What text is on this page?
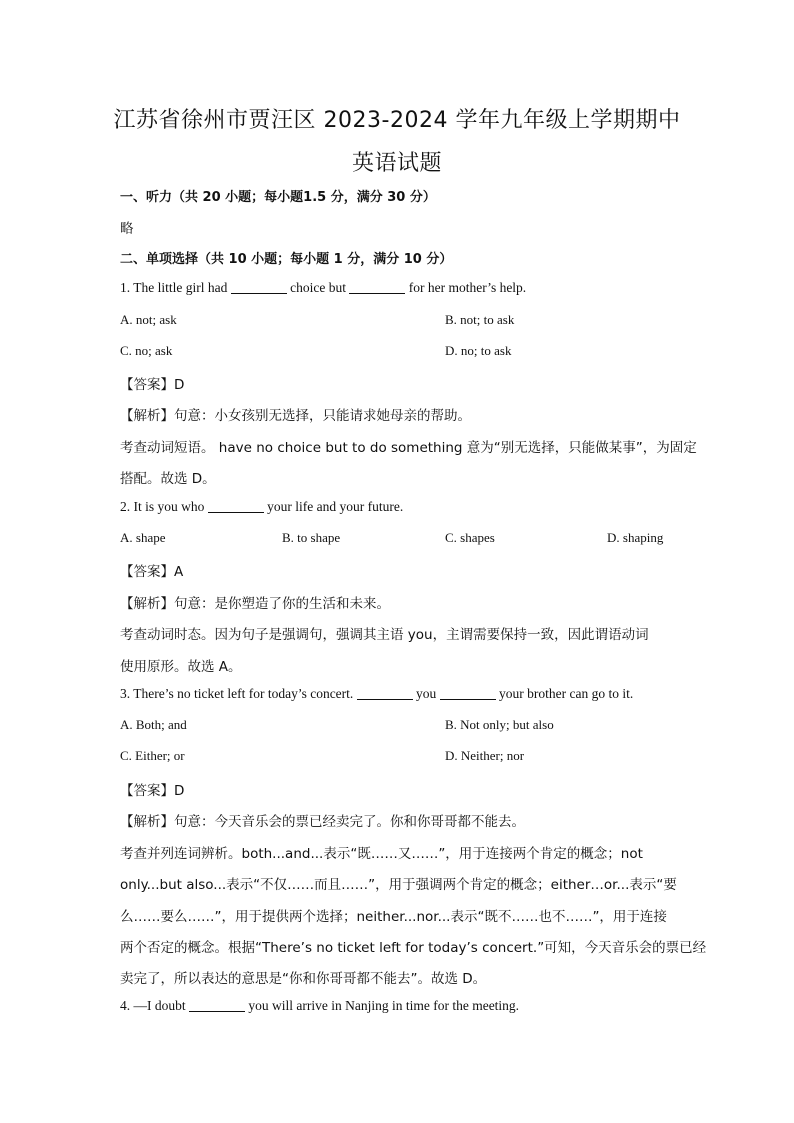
江苏省徐州市贾汪区 2023-2024 学年九年级上学期期中
英语试题
一、听力（共 20 小题；每小题1.5 分，满分 30 分）
略
二、单项选择（共 10 小题；每小题 1 分，满分 10 分）
1. The little girl had	choice but	for her mother’s help.
A. not; ask	B. not; to ask
C. no; ask	D. no; to ask
【答案】D
【解析】句意：小女孩别无选择，只能请求她母亲的帮助。
考查动词短语。 have no choice but to do something 意为“别无选择，只能做某事”，为固定
搭配。故选 D。
2. It is you who	your life and your future.
A. shape	B. to shape	C. shapes	D. shaping
【答案】A
【解析】句意：是你塑造了你的生活和未来。
考查动词时态。因为句子是强调句，强调其主语 you，主谓需要保持一致，因此谓语动词
使用原形。故选 A。
3. There’s no ticket left for today’s concert.	you	your brother can go to it.
A. Both; and	B. Not only; but also
C. Either; or	D. Neither; nor
【答案】D
【解析】句意：今天音乐会的票已经卖完了。你和你哥哥都不能去。
考查并列连词辨析。both...and...表示“既……又……”，用于连接两个肯定的概念；not
only...but also...表示“不仅……而且……”，用于强调两个肯定的概念；either…or...表示“要
么……要么……”，用于提供两个选择；neither...nor...表示“既不……也不……”，用于连接
两个否定的概念。根据“There’s no ticket left for today’s concert.”可知，今天音乐会的票已经
卖完了，所以表达的意思是“你和你哥哥都不能去”。故选 D。
4. —I doubt	you will arrive in Nanjing in time for the meeting.
